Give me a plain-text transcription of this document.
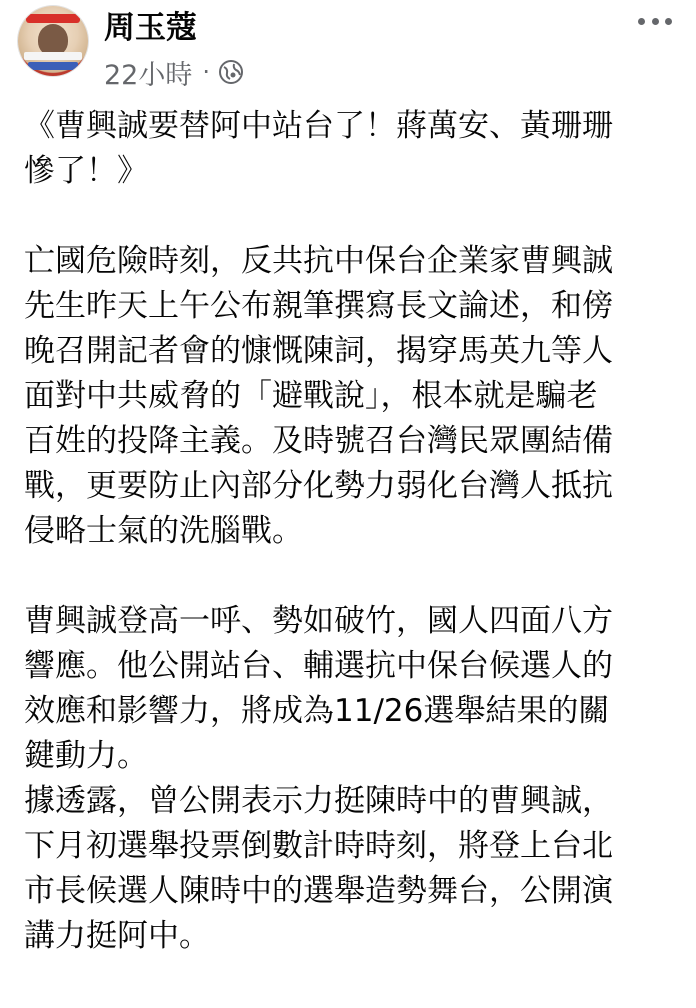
周玉蔻
22小時 ·

《曹興誠要替阿中站台了！蔣萬安、黃珊珊
慘了！》

亡國危險時刻，反共抗中保台企業家曹興誠
先生昨天上午公布親筆撰寫長文論述，和傍
晚召開記者會的慷慨陳詞，揭穿馬英九等人
面對中共威脅的「避戰說」，根本就是騙老
百姓的投降主義。及時號召台灣民眾團結備
戰，更要防止內部分化勢力弱化台灣人抵抗
侵略士氣的洗腦戰。

曹興誠登高一呼、勢如破竹，國人四面八方
響應。他公開站台、輔選抗中保台候選人的
效應和影響力，將成為11/26選舉結果的關
鍵動力。

據透露，曾公開表示力挺陳時中的曹興誠，
下月初選舉投票倒數計時時刻，將登上台北
市長候選人陳時中的選舉造勢舞台，公開演
講力挺阿中。
